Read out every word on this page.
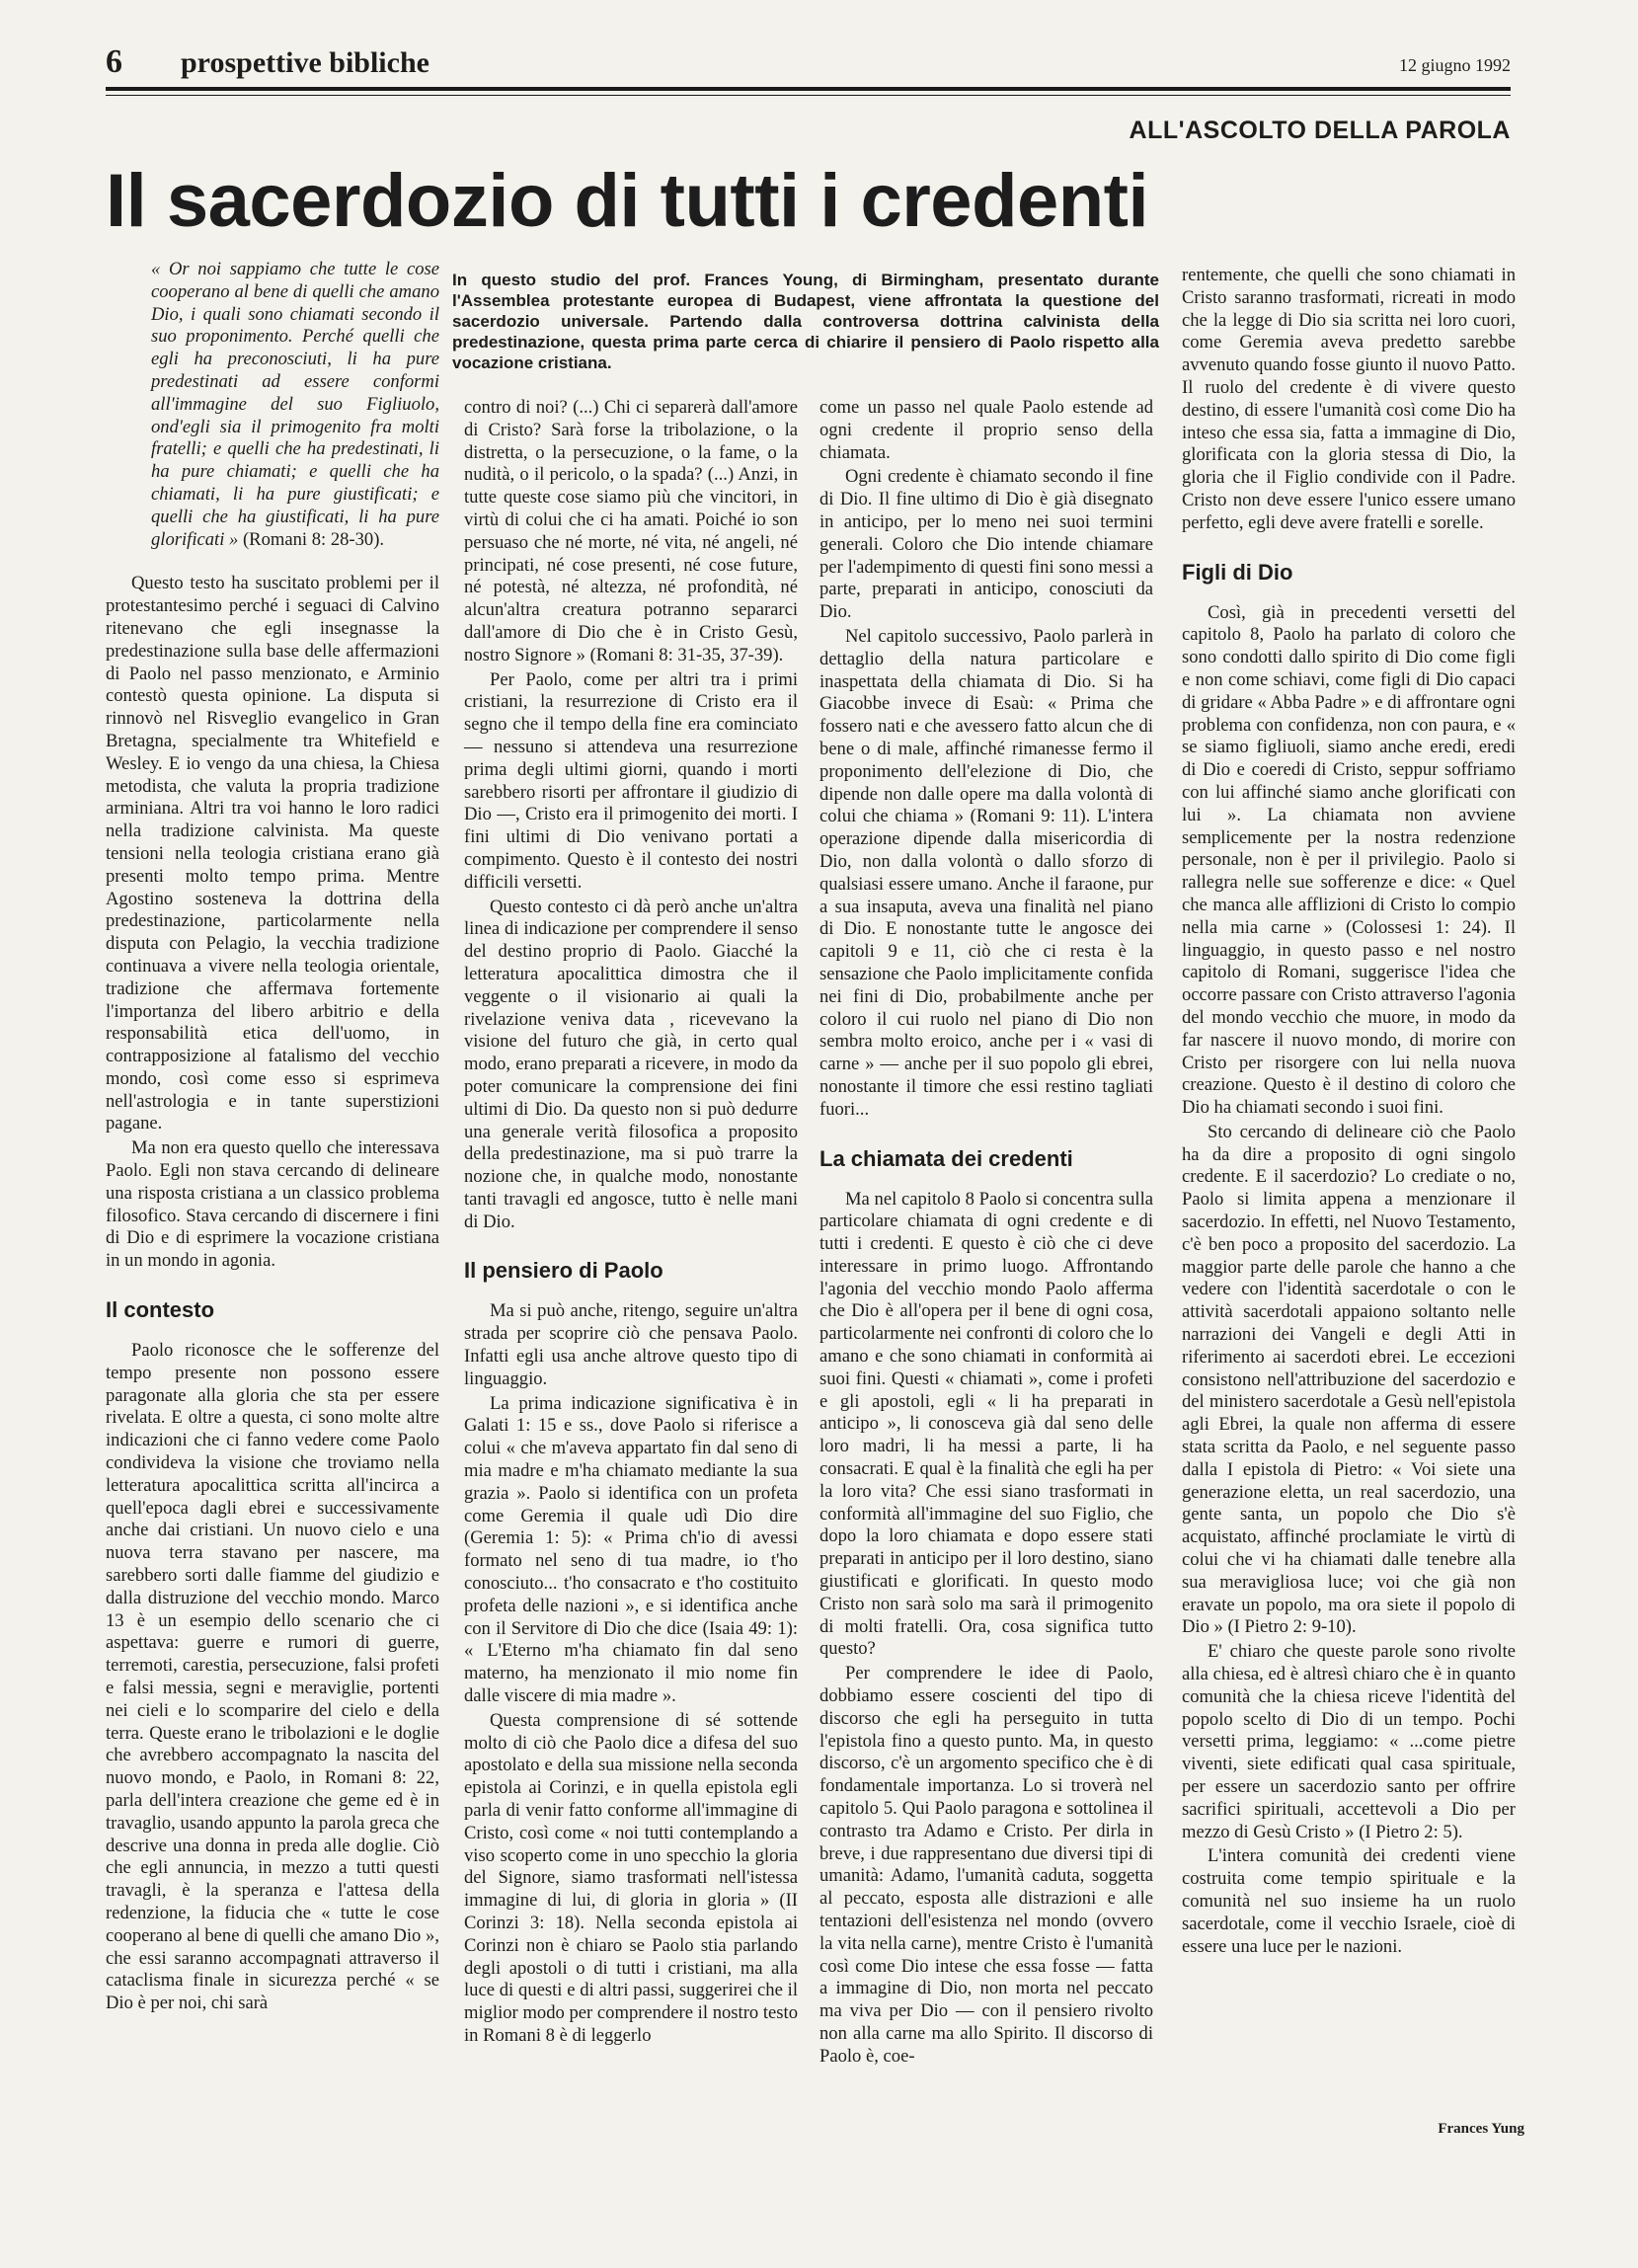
6 prospettive bibliche	12 giugno 1992
ALL'ASCOLTO DELLA PAROLA
Il sacerdozio di tutti i credenti

« Or noi sappiamo che tutte le cose cooperano al bene di quelli che amano Dio, i quali sono chiamati secondo il suo proponimento. Perché quelli che egli ha preconosciuti, li ha pure predestinati ad essere conformi all'immagine del suo Figliuolo, ond'egli sia il primogenito fra molti fratelli; e quelli che ha predestinati, li ha pure chiamati; e quelli che ha chiamati, li ha pure giustificati; e quelli che ha giustificati, li ha pure glorificati » (Romani 8: 28-30).

Questo testo ha suscitato problemi per il protestantesimo perché i seguaci di Calvino ritenevano che egli insegnasse la predestinazione sulla base delle affermazioni di Paolo nel passo menzionato, e Arminio contestò questa opinione. La disputa si rinnovò nel Risveglio evangelico in Gran Bretagna, specialmente tra Whitefield e Wesley. E io vengo da una chiesa, la Chiesa metodista, che valuta la propria tradizione arminiana. Altri tra voi hanno le loro radici nella tradizione calvinista. Ma queste tensioni nella teologia cristiana erano già presenti molto tempo prima. Mentre Agostino sosteneva la dottrina della predestinazione, particolarmente nella disputa con Pelagio, la vecchia tradizione continuava a vivere nella teologia orientale, tradizione che affermava fortemente l'importanza del libero arbitrio e della responsabilità etica dell'uomo, in contrapposizione al fatalismo del vecchio mondo, così come esso si esprimeva nell'astrologia e in tante superstizioni pagane.

Ma non era questo quello che interessava Paolo. Egli non stava cercando di delineare una risposta cristiana a un classico problema filosofico. Stava cercando di discernere i fini di Dio e di esprimere la vocazione cristiana in un mondo in agonia.

Il contesto

Paolo riconosce che le sofferenze del tempo presente non possono essere paragonate alla gloria che sta per essere rivelata. E oltre a questa, ci sono molte altre indicazioni che ci fanno vedere come Paolo condivideva la visione che troviamo nella letteratura apocalittica scritta all'incirca a quell'epoca dagli ebrei e successivamente anche dai cristiani. Un nuovo cielo e una nuova terra stavano per nascere, ma sarebbero sorti dalle fiamme del giudizio e dalla distruzione del vecchio mondo. Marco 13 è un esempio dello scenario che ci aspettava: guerre e rumori di guerre, terremoti, carestia, persecuzione, falsi profeti e falsi messia, segni e meraviglie, portenti nei cieli e lo scomparire del cielo e della terra. Queste erano le tribolazioni e le doglie che avrebbero accompagnato la nascita del nuovo mondo, e Paolo, in Romani 8: 22, parla dell'intera creazione che geme ed è in travaglio, usando appunto la parola greca che descrive una donna in preda alle doglie. Ciò che egli annuncia, in mezzo a tutti questi travagli, è la speranza e l'attesa della redenzione, la fiducia che « tutte le cose cooperano al bene di quelli che amano Dio », che essi saranno accompagnati attraverso il cataclisma finale in sicurezza perché « se Dio è per noi, chi sarà

In questo studio del prof. Frances Young, di Birmingham, presentato durante l'Assemblea protestante europea di Budapest, viene affrontata la questione del sacerdozio universale. Partendo dalla controversa dottrina calvinista della predestinazione, questa prima parte cerca di chiarire il pensiero di Paolo rispetto alla vocazione cristiana.

contro di noi? (...) Chi ci separerà dall'amore di Cristo? Sarà forse la tribolazione, o la distretta, o la persecuzione, o la fame, o la nudità, o il pericolo, o la spada? (...) Anzi, in tutte queste cose siamo più che vincitori, in virtù di colui che ci ha amati. Poiché io son persuaso che né morte, né vita, né angeli, né principati, né cose presenti, né cose future, né potestà, né altezza, né profondità, né alcun'altra creatura potranno separarci dall'amore di Dio che è in Cristo Gesù, nostro Signore » (Romani 8: 31-35, 37-39).

Per Paolo, come per altri tra i primi cristiani, la resurrezione di Cristo era il segno che il tempo della fine era cominciato — nessuno si attendeva una resurrezione prima degli ultimi giorni, quando i morti sarebbero risorti per affrontare il giudizio di Dio —, Cristo era il primogenito dei morti. I fini ultimi di Dio venivano portati a compimento. Questo è il contesto dei nostri difficili versetti.

Questo contesto ci dà però anche un'altra linea di indicazione per comprendere il senso del destino proprio di Paolo. Giacché la letteratura apocalittica dimostra che il veggente o il visionario ai quali la rivelazione veniva data , ricevevano la visione del futuro che già, in certo qual modo, erano preparati a ricevere, in modo da poter comunicare la comprensione dei fini ultimi di Dio. Da questo non si può dedurre una generale verità filosofica a proposito della predestinazione, ma si può trarre la nozione che, in qualche modo, nonostante tanti travagli ed angosce, tutto è nelle mani di Dio.

Il pensiero di Paolo

Ma si può anche, ritengo, seguire un'altra strada per scoprire ciò che pensava Paolo. Infatti egli usa anche altrove questo tipo di linguaggio.

La prima indicazione significativa è in Galati 1: 15 e ss., dove Paolo si riferisce a colui « che m'aveva appartato fin dal seno di mia madre e m'ha chiamato mediante la sua grazia ». Paolo si identifica con un profeta come Geremia il quale udì Dio dire (Geremia 1: 5): « Prima ch'io di avessi formato nel seno di tua madre, io t'ho conosciuto... t'ho consacrato e t'ho costituito profeta delle nazioni », e si identifica anche con il Servitore di Dio che dice (Isaia 49: 1): « L'Eterno m'ha chiamato fin dal seno materno, ha menzionato il mio nome fin dalle viscere di mia madre ».

Questa comprensione di sé sottende molto di ciò che Paolo dice a difesa del suo apostolato e della sua missione nella seconda epistola ai Corinzi, e in quella epistola egli parla di venir fatto conforme all'immagine di Cristo, così come « noi tutti contemplando a viso scoperto come in uno specchio la gloria del Signore, siamo trasformati nell'istessa immagine di lui, di gloria in gloria » (II Corinzi 3: 18). Nella seconda epistola ai Corinzi non è chiaro se Paolo stia parlando degli apostoli o di tutti i cristiani, ma alla luce di questi e di altri passi, suggerirei che il miglior modo per comprendere il nostro testo in Romani 8 è di leggerlo

come un passo nel quale Paolo estende ad ogni credente il proprio senso della chiamata.

Ogni credente è chiamato secondo il fine di Dio. Il fine ultimo di Dio è già disegnato in anticipo, per lo meno nei suoi termini generali. Coloro che Dio intende chiamare per l'adempimento di questi fini sono messi a parte, preparati in anticipo, conosciuti da Dio.

Nel capitolo successivo, Paolo parlerà in dettaglio della natura particolare e inaspettata della chiamata di Dio. Si ha Giacobbe invece di Esaù: « Prima che fossero nati e che avessero fatto alcun che di bene o di male, affinché rimanesse fermo il proponimento dell'elezione di Dio, che dipende non dalle opere ma dalla volontà di colui che chiama » (Romani 9: 11). L'intera operazione dipende dalla misericordia di Dio, non dalla volontà o dallo sforzo di qualsiasi essere umano. Anche il faraone, pur a sua insaputa, aveva una finalità nel piano di Dio. E nonostante tutte le angosce dei capitoli 9 e 11, ciò che ci resta è la sensazione che Paolo implicitamente confida nei fini di Dio, probabilmente anche per coloro il cui ruolo nel piano di Dio non sembra molto eroico, anche per i « vasi di carne » — anche per il suo popolo gli ebrei, nonostante il timore che essi restino tagliati fuori...

La chiamata dei credenti

Ma nel capitolo 8 Paolo si concentra sulla particolare chiamata di ogni credente e di tutti i credenti. E questo è ciò che ci deve interessare in primo luogo. Affrontando l'agonia del vecchio mondo Paolo afferma che Dio è all'opera per il bene di ogni cosa, particolarmente nei confronti di coloro che lo amano e che sono chiamati in conformità ai suoi fini. Questi « chiamati », come i profeti e gli apostoli, egli « li ha preparati in anticipo », li conosceva già dal seno delle loro madri, li ha messi a parte, li ha consacrati. E qual è la finalità che egli ha per la loro vita? Che essi siano trasformati in conformità all'immagine del suo Figlio, che dopo la loro chiamata e dopo essere stati preparati in anticipo per il loro destino, siano giustificati e glorificati. In questo modo Cristo non sarà solo ma sarà il primogenito di molti fratelli. Ora, cosa significa tutto questo?

Per comprendere le idee di Paolo, dobbiamo essere coscienti del tipo di discorso che egli ha perseguito in tutta l'epistola fino a questo punto. Ma, in questo discorso, c'è un argomento specifico che è di fondamentale importanza. Lo si troverà nel capitolo 5. Qui Paolo paragona e sottolinea il contrasto tra Adamo e Cristo. Per dirla in breve, i due rappresentano due diversi tipi di umanità: Adamo, l'umanità caduta, soggetta al peccato, esposta alle distrazioni e alle tentazioni dell'esistenza nel mondo (ovvero la vita nella carne), mentre Cristo è l'umanità così come Dio intese che essa fosse — fatta a immagine di Dio, non morta nel peccato ma viva per Dio — con il pensiero rivolto non alla carne ma allo Spirito. Il discorso di Paolo è, coe-

rentemente, che quelli che sono chiamati in Cristo saranno trasformati, ricreati in modo che la legge di Dio sia scritta nei loro cuori, come Geremia aveva predetto sarebbe avvenuto quando fosse giunto il nuovo Patto. Il ruolo del credente è di vivere questo destino, di essere l'umanità così come Dio ha inteso che essa sia, fatta a immagine di Dio, glorificata con la gloria stessa di Dio, la gloria che il Figlio condivide con il Padre. Cristo non deve essere l'unico essere umano perfetto, egli deve avere fratelli e sorelle.

Figli di Dio

Così, già in precedenti versetti del capitolo 8, Paolo ha parlato di coloro che sono condotti dallo spirito di Dio come figli e non come schiavi, come figli di Dio capaci di gridare « Abba Padre » e di affrontare ogni problema con confidenza, non con paura, e « se siamo figliuoli, siamo anche eredi, eredi di Dio e coeredi di Cristo, seppur soffriamo con lui affinché siamo anche glorificati con lui ». La chiamata non avviene semplicemente per la nostra redenzione personale, non è per il privilegio. Paolo si rallegra nelle sue sofferenze e dice: « Quel che manca alle afflizioni di Cristo lo compio nella mia carne » (Colossesi 1: 24). Il linguaggio, in questo passo e nel nostro capitolo di Romani, suggerisce l'idea che occorre passare con Cristo attraverso l'agonia del mondo vecchio che muore, in modo da far nascere il nuovo mondo, di morire con Cristo per risorgere con lui nella nuova creazione. Questo è il destino di coloro che Dio ha chiamati secondo i suoi fini.

Sto cercando di delineare ciò che Paolo ha da dire a proposito di ogni singolo credente. E il sacerdozio? Lo crediate o no, Paolo si limita appena a menzionare il sacerdozio. In effetti, nel Nuovo Testamento, c'è ben poco a proposito del sacerdozio. La maggior parte delle parole che hanno a che vedere con l'identità sacerdotale o con le attività sacerdotali appaiono soltanto nelle narrazioni dei Vangeli e degli Atti in riferimento ai sacerdoti ebrei. Le eccezioni consistono nell'attribuzione del sacerdozio e del ministero sacerdotale a Gesù nell'epistola agli Ebrei, la quale non afferma di essere stata scritta da Paolo, e nel seguente passo dalla I epistola di Pietro: « Voi siete una generazione eletta, un real sacerdozio, una gente santa, un popolo che Dio s'è acquistato, affinché proclamiate le virtù di colui che vi ha chiamati dalle tenebre alla sua meravigliosa luce; voi che già non eravate un popolo, ma ora siete il popolo di Dio » (I Pietro 2: 9-10).

E' chiaro che queste parole sono rivolte alla chiesa, ed è altresì chiaro che è in quanto comunità che la chiesa riceve l'identità del popolo scelto di Dio di un tempo. Pochi versetti prima, leggiamo: « ...come pietre viventi, siete edificati qual casa spirituale, per essere un sacerdozio santo per offrire sacrifici spirituali, accettevoli a Dio per mezzo di Gesù Cristo » (I Pietro 2: 5).

L'intera comunità dei credenti viene costruita come tempio spirituale e la comunità nel suo insieme ha un ruolo sacerdotale, come il vecchio Israele, cioè di essere una luce per le nazioni.

Frances Yung
